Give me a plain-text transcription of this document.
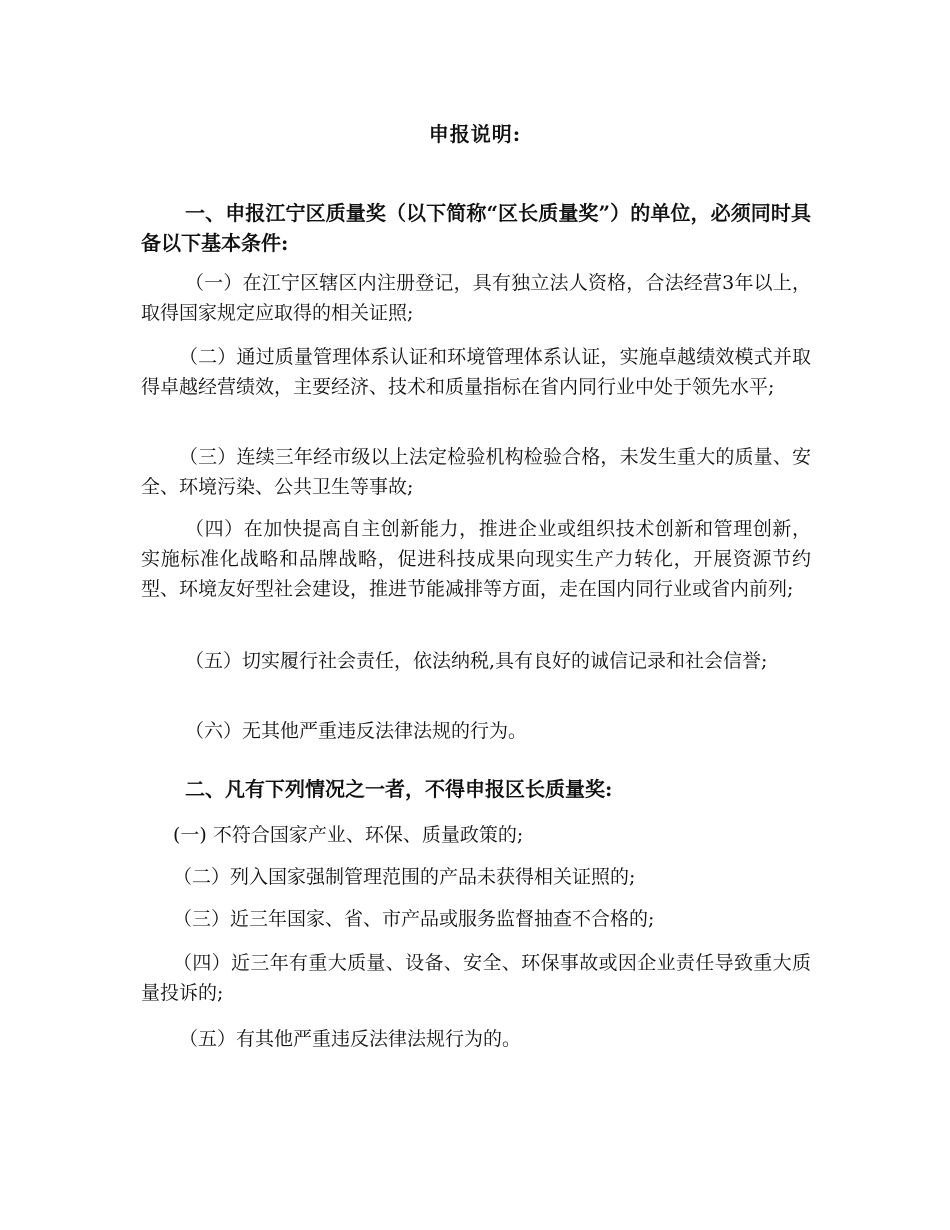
申报说明:
一、申报江宁区质量奖（以下简称“区长质量奖”）的单位，必须同时具备以下基本条件:
（一）在江宁区辖区内注册登记，具有独立法人资格，合法经营3年以上，取得国家规定应取得的相关证照;
（二）通过质量管理体系认证和环境管理体系认证，实施卓越绩效模式并取得卓越经营绩效，主要经济、技术和质量指标在省内同行业中处于领先水平;
（三）连续三年经市级以上法定检验机构检验合格，未发生重大的质量、安全、环境污染、公共卫生等事故;
（四）在加快提高自主创新能力，推进企业或组织技术创新和管理创新，实施标准化战略和品牌战略，促进科技成果向现实生产力转化，开展资源节约型、环境友好型社会建设，推进节能减排等方面，走在国内同行业或省内前列;
（五）切实履行社会责任，依法纳税,具有良好的诚信记录和社会信誉;
（六）无其他严重违反法律法规的行为。
二、凡有下列情况之一者，不得申报区长质量奖:
(一) 不符合国家产业、环保、质量政策的;
（二）列入国家强制管理范围的产品未获得相关证照的;
（三）近三年国家、省、市产品或服务监督抽查不合格的;
（四）近三年有重大质量、设备、安全、环保事故或因企业责任导致重大质量投诉的;
（五）有其他严重违反法律法规行为的。
